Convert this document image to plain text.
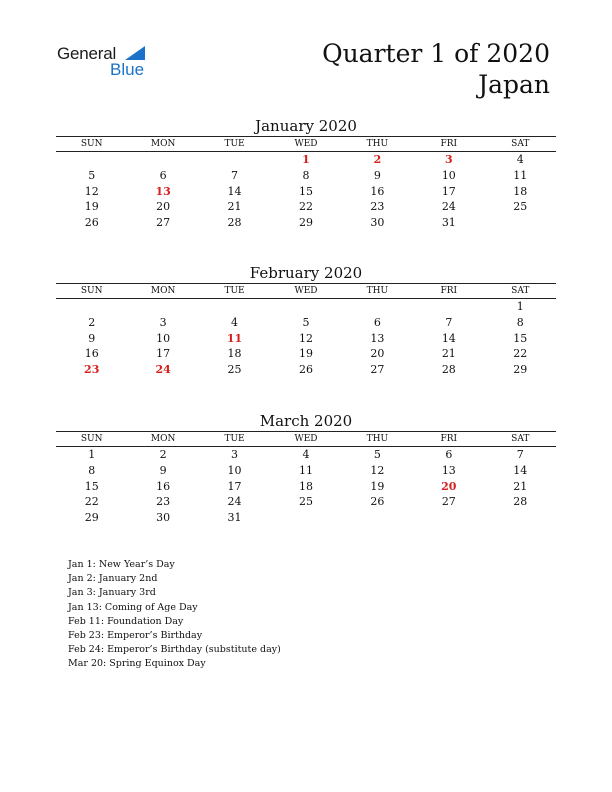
General
Blue
Quarter 1 of 2020
Japan
January 2020
SUN	MON	TUE	WED	THU	FRI	SAT
			1	2	3	4
5	6	7	8	9	10	11
12	13	14	15	16	17	18
19	20	21	22	23	24	25
26	27	28	29	30	31	
February 2020
SUN	MON	TUE	WED	THU	FRI	SAT
						1
2	3	4	5	6	7	8
9	10	11	12	13	14	15
16	17	18	19	20	21	22
23	24	25	26	27	28	29
March 2020
SUN	MON	TUE	WED	THU	FRI	SAT
1	2	3	4	5	6	7
8	9	10	11	12	13	14
15	16	17	18	19	20	21
22	23	24	25	26	27	28
29	30	31				
Jan 1: New Year’s Day
Jan 2: January 2nd
Jan 3: January 3rd
Jan 13: Coming of Age Day
Feb 11: Foundation Day
Feb 23: Emperor’s Birthday
Feb 24: Emperor’s Birthday (substitute day)
Mar 20: Spring Equinox Day
